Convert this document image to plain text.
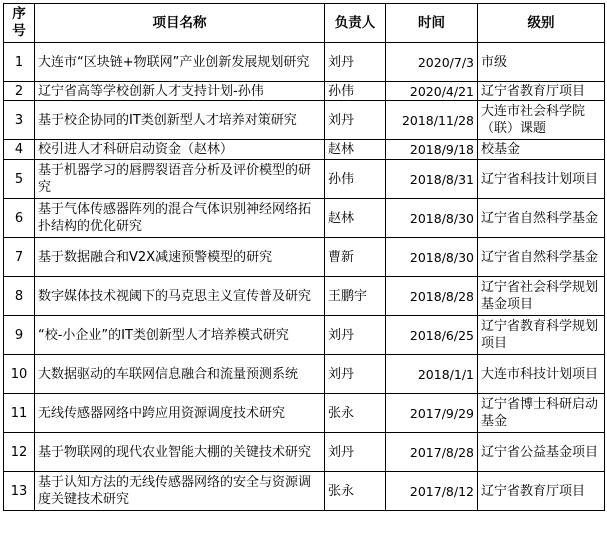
序号	项目名称	负责人	时间	级别
1	大连市“区块链+物联网”产业创新发展规划研究	刘丹	2020/7/3	市级
2	辽宁省高等学校创新人才支持计划-孙伟	孙伟	2020/4/21	辽宁省教育厅项目
3	基于校企协同的IT类创新型人才培养对策研究	刘丹	2018/11/28	大连市社会科学院（联）课题
4	校引进人才科研启动资金（赵林）	赵林	2018/9/18	校基金
5	基于机器学习的唇腭裂语音分析及评价模型的研究	孙伟	2018/8/31	辽宁省科技计划项目
6	基于气体传感器阵列的混合气体识别神经网络拓扑结构的优化研究	赵林	2018/8/30	辽宁省自然科学基金
7	基于数据融合和V2X减速预警模型的研究	曹新	2018/8/30	辽宁省自然科学基金
8	数字媒体技术视阈下的马克思主义宣传普及研究	王鹏宇	2018/8/28	辽宁省社会科学规划基金项目
9	“校-小企业”的IT类创新型人才培养模式研究	刘丹	2018/6/25	辽宁省教育科学规划项目
10	大数据驱动的车联网信息融合和流量预测系统	刘丹	2018/1/1	大连市科技计划项目
11	无线传感器网络中跨应用资源调度技术研究	张永	2017/9/29	辽宁省博士科研启动基金
12	基于物联网的现代农业智能大棚的关键技术研究	刘丹	2017/8/28	辽宁省公益基金项目
13	基于认知方法的无线传感器网络的安全与资源调度关键技术研究	张永	2017/8/12	辽宁省教育厅项目
